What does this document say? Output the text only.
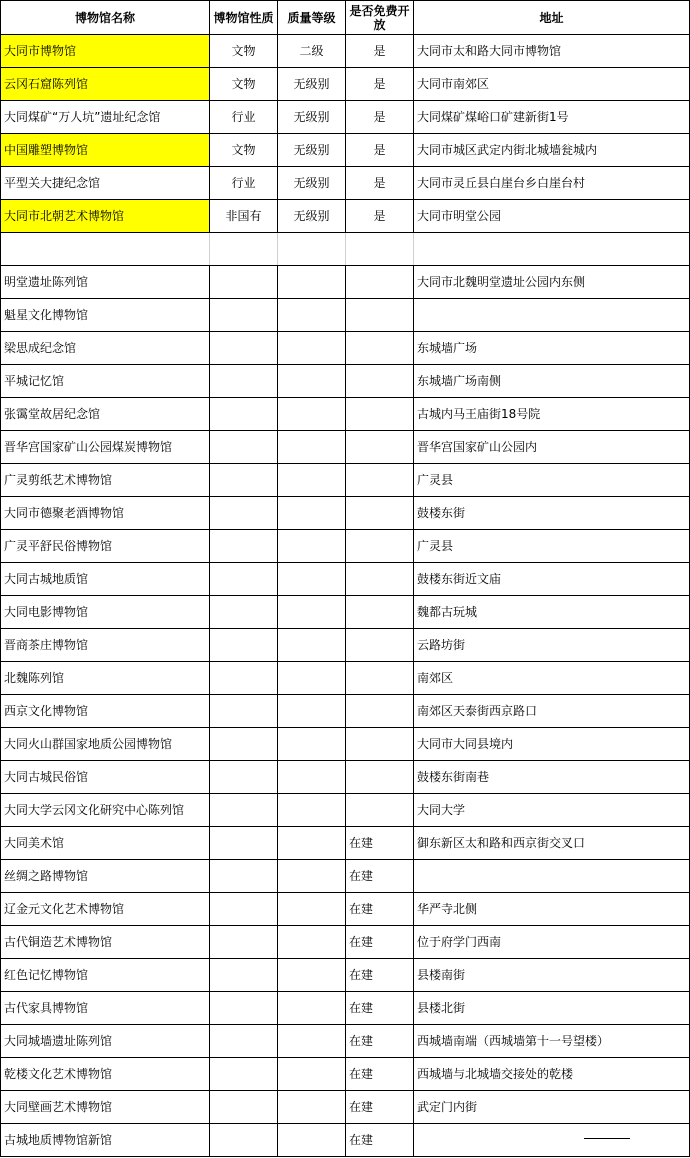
博物馆名称	博物馆性质	质量等级	是否免费开放	地址
大同市博物馆	文物	二级	是	大同市太和路大同市博物馆
云冈石窟陈列馆	文物	无级别	是	大同市南郊区
大同煤矿“万人坑”遗址纪念馆	行业	无级别	是	大同煤矿煤峪口矿建新街1号
中国雕塑博物馆	文物	无级别	是	大同市城区武定内街北城墙瓮城内
平型关大捷纪念馆	行业	无级别	是	大同市灵丘县白崖台乡白崖台村
大同市北朝艺术博物馆	非国有	无级别	是	大同市明堂公园

明堂遗址陈列馆				大同市北魏明堂遗址公园内东侧
魁星文化博物馆				
梁思成纪念馆				东城墙广场
平城记忆馆				东城墙广场南侧
张霭堂故居纪念馆				古城内马王庙街18号院
晋华宫国家矿山公园煤炭博物馆				晋华宫国家矿山公园内
广灵剪纸艺术博物馆				广灵县
大同市德聚老酒博物馆				鼓楼东街
广灵平舒民俗博物馆				广灵县
大同古城地质馆				鼓楼东街近文庙
大同电影博物馆				魏都古玩城
晋商茶庄博物馆				云路坊街
北魏陈列馆				南郊区
西京文化博物馆				南郊区天泰街西京路口
大同火山群国家地质公园博物馆				大同市大同县境内
大同古城民俗馆				鼓楼东街南巷
大同大学云冈文化研究中心陈列馆				大同大学
大同美术馆			在建	御东新区太和路和西京街交叉口
丝绸之路博物馆			在建	
辽金元文化艺术博物馆			在建	华严寺北侧
古代铜造艺术博物馆			在建	位于府学门西南
红色记忆博物馆			在建	县楼南街
古代家具博物馆			在建	县楼北街
大同城墙遗址陈列馆			在建	西城墙南端（西城墙第十一号望楼）
乾楼文化艺术博物馆			在建	西城墙与北城墙交接处的乾楼
大同壁画艺术博物馆			在建	武定门内街
古城地质博物馆新馆			在建	
